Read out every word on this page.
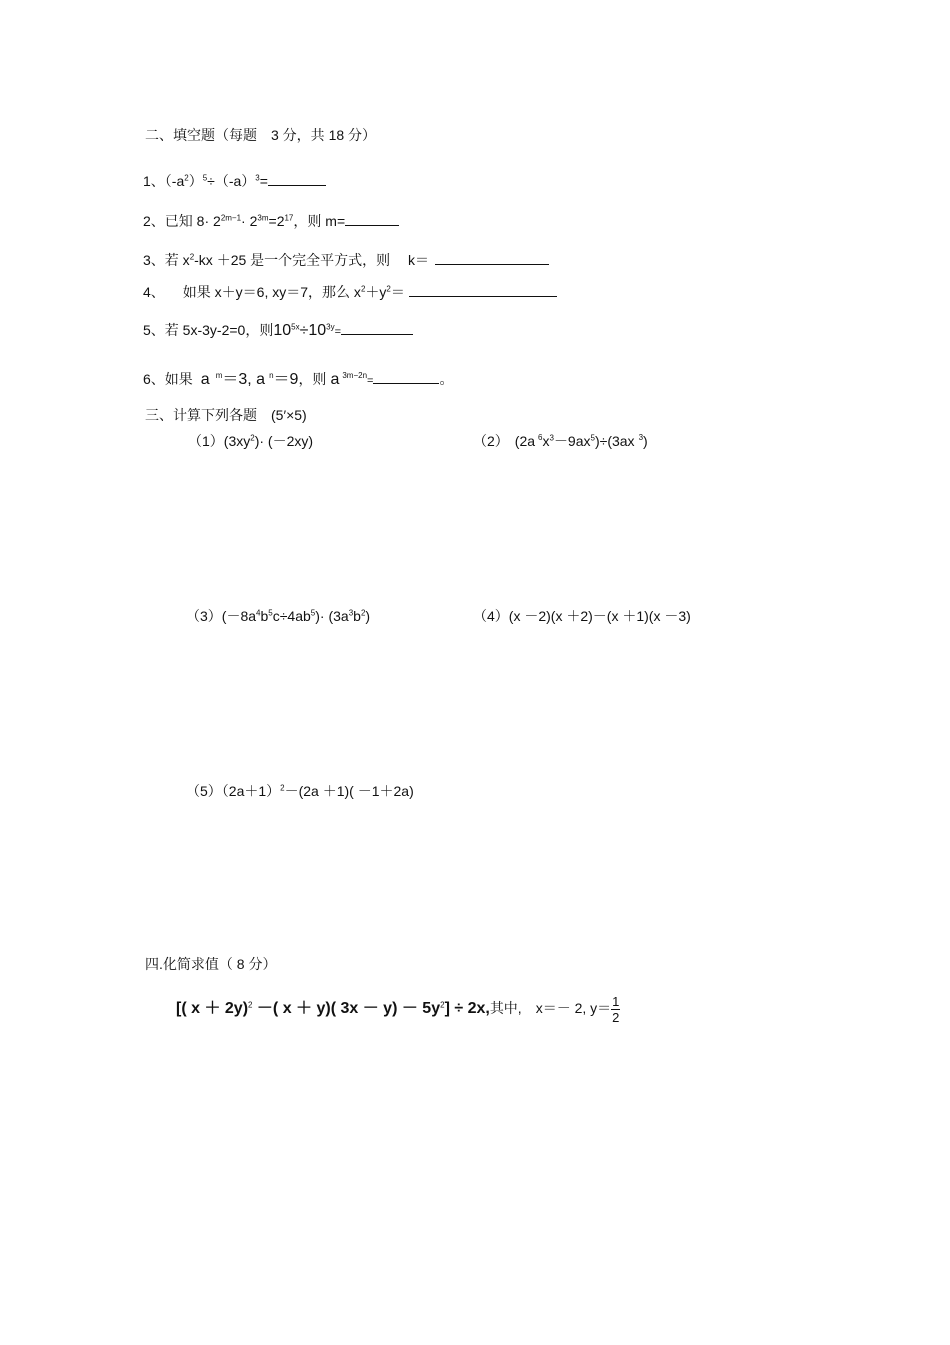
二、填空题（每题　3 分，共 18 分）
1、$(-a^2)^5\div(-a)^3=$
2、已知 $8\cdot 2^{2m-1}\cdot 2^{3m}=2^{17}$，则 m=
3、若 $x^2-kx +25$ 是一个完全平方式，则　 k＝
4、 如果 x＋y＝6, xy＝7，那么 $x^2+y^2=$
5、若 5x-3y-2=0，则$10^{5x}\div 10^{3y}=$
6、如果 a $^m$＝3, a $^n$＝9，则 a $^{3m-2n}$=	。
三、计算下列各题　(5′×5)
$(1)(3xy^2)\cdot (-2xy)$	（2） (2a $^6x^3-9ax^5)\div(3ax$ $^3$)
$(3)(-8a^4b^5c\div 4ab^5)\cdot (3a^3b^2)$	（4）(x －2)(x ＋2)－(x ＋1)(x －3)
$(5)(2a+1)^2-(2a +1)( -1+2a)$
四.化简求值（ 8 分）
[( x ＋ 2y)$^2$ －( x ＋ y)( $3x - y) - 5y^2] \div 2x$,其中,　x＝－ 2, $y= \frac{1}{2}$
